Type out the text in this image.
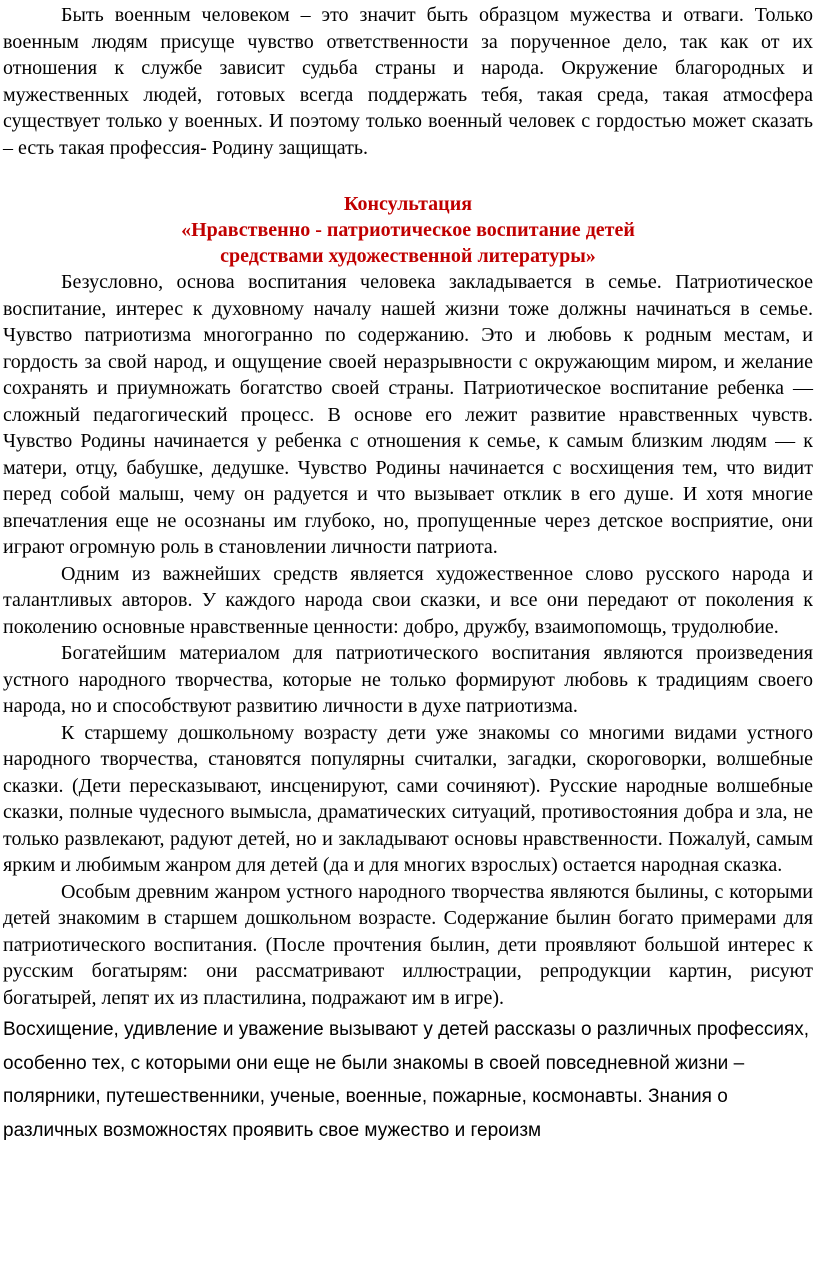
Быть военным человеком – это значит быть образцом мужества и отваги. Только военным людям присуще чувство ответственности за порученное дело, так как от их отношения к службе зависит судьба страны и народа. Окружение благородных и мужественных людей, готовых всегда поддержать тебя, такая среда, такая атмосфера существует только у военных. И поэтому только военный человек с гордостью может сказать – есть такая профессия- Родину защищать.

Консультация

«Нравственно - патриотическое воспитание детей

средствами художественной литературы»

Безусловно, основа воспитания человека закладывается в семье. Патриотическое воспитание, интерес к духовному началу нашей жизни тоже должны начинаться в семье. Чувство патриотизма многогранно по содержанию. Это и любовь к родным местам, и гордость за свой народ, и ощущение своей неразрывности с окружающим миром, и желание сохранять и приумножать богатство своей страны. Патриотическое воспитание ребенка — сложный педагогический процесс. В основе его лежит развитие нравственных чувств. Чувство Родины начинается у ребенка с отношения к семье, к самым близким людям — к матери, отцу, бабушке, дедушке. Чувство Родины начинается с восхищения тем, что видит перед собой малыш, чему он радуется и что вызывает отклик в его душе. И хотя многие впечатления еще не осознаны им глубоко, но, пропущенные через детское восприятие, они играют огромную роль в становлении личности патриота.

Одним из важнейших средств является художественное слово русского народа и талантливых авторов. У каждого народа свои сказки, и все они передают от поколения к поколению основные нравственные ценности: добро, дружбу, взаимопомощь, трудолюбие.

Богатейшим материалом для патриотического воспитания являются произведения устного народного творчества, которые не только формируют любовь к традициям своего народа, но и способствуют развитию личности в духе патриотизма.

К старшему дошкольному возрасту дети уже знакомы со многими видами устного народного творчества, становятся популярны считалки, загадки, скороговорки, волшебные сказки. (Дети пересказывают, инсценируют, сами сочиняют). Русские народные волшебные сказки, полные чудесного вымысла, драматических ситуаций, противостояния добра и зла, не только развлекают, радуют детей, но и закладывают основы нравственности. Пожалуй, самым ярким и любимым жанром для детей (да и для многих взрослых) остается народная сказка.

Особым древним жанром устного народного творчества являются былины, с которыми детей знакомим в старшем дошкольном возрасте. Содержание былин богато примерами для патриотического воспитания. (После прочтения былин, дети проявляют большой интерес к русским богатырям: они рассматривают иллюстрации, репродукции картин, рисуют богатырей, лепят их из пластилина, подражают им в игре).

Восхищение, удивление и уважение вызывают у детей рассказы о различных профессиях, особенно тех, с которыми они еще не были знакомы в своей повседневной жизни – полярники, путешественники, ученые, военные, пожарные, космонавты. Знания о различных возможностях проявить свое мужество и героизм
